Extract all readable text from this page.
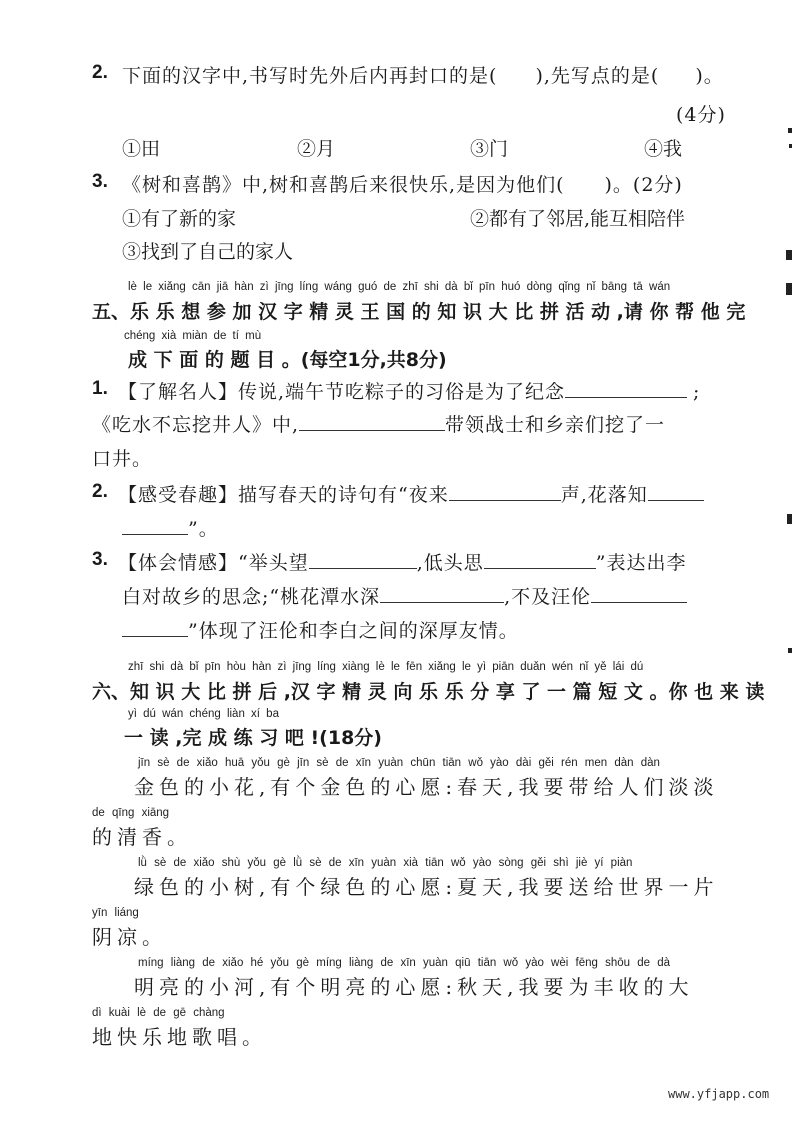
2. 下面的汉字中,书写时先外后内再封口的是( ),先写点的是( )。
(4分)
①田	②月	③门	④我
3. 《树和喜鹊》中,树和喜鹊后来很快乐,是因为他们( )。(2分)
①有了新的家	②都有了邻居,能互相陪伴
③找到了自己的家人
lè le xiǎng cān jiā hàn zì jīng líng wáng guó de zhī shi dà bǐ pīn huó dòng qǐng nǐ bāng tā wán
五、乐 乐 想 参 加 汉 字 精 灵 王 国 的 知 识 大 比 拼 活 动 ,请 你 帮 他 完
chéng xià miàn de tí mù
成 下 面 的 题 目 。(每空1分,共8分)
1. 【了解名人】传说,端午节吃粽子的习俗是为了纪念	;
《吃水不忘挖井人》中,	带领战士和乡亲们挖了一
口井。
2. 【感受春趣】描写春天的诗句有“夜来	声,花落知
”。
3. 【体会情感】“举头望	,低头思	”表达出李
白对故乡的思念;“桃花潭水深	,不及汪伦
”体现了汪伦和李白之间的深厚友情。
zhī shi dà bǐ pīn hòu hàn zì jīng líng xiàng lè le fēn xiǎng le yì piān duǎn wén nǐ yě lái dú
六、知 识 大 比 拼 后 ,汉 字 精 灵 向 乐 乐 分 享 了 一 篇 短 文 。你 也 来 读
yì dú wán chéng liàn xí ba
一 读 ,完 成 练 习 吧 !(18分)
jīn sè de xiǎo huā yǒu gè jīn sè de xīn yuàn chūn tiān wǒ yào dài gěi rén men dàn dàn
金色的小花,有个金色的心愿:春天,我要带给人们淡淡
de qīng xiāng
的清香。
lǜ sè de xiǎo shù yǒu gè lǜ sè de xīn yuàn xià tiān wǒ yào sòng gěi shì jiè yí piàn
绿色的小树,有个绿色的心愿:夏天,我要送给世界一片
yīn liáng
阴凉。
míng liàng de xiǎo hé yǒu gè míng liàng de xīn yuàn qiū tiān wǒ yào wèi fēng shōu de dà
明亮的小河,有个明亮的心愿:秋天,我要为丰收的大
dì kuài lè de gē chàng
地快乐地歌唱。
www.yfjapp.com
